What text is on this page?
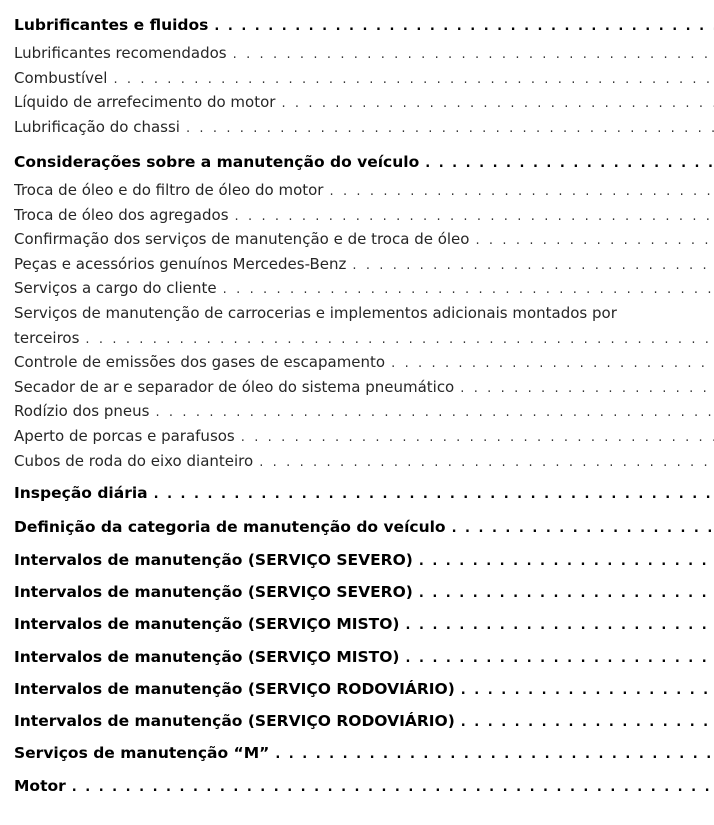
Lubrificantes e fluidos
. . .
Lubrificantes recomendados
. . .
Combustível
. . .
Líquido de arrefecimento do motor
. . .
Lubrificação do chassi
. . .
Considerações sobre a manutenção do veículo
. . .
Troca de óleo e do filtro de óleo do motor
. . .
Troca de óleo dos agregados
. . .
Confirmação dos serviços de manutenção e de troca de óleo
. . .
Peças e acessórios genuínos Mercedes-Benz
. . .
Serviços a cargo do cliente
. . .
Serviços de manutenção de carrocerias e implementos adicionais montados por
terceiros
. . .
Controle de emissões dos gases de escapamento
. . .
Secador de ar e separador de óleo do sistema pneumático
. . .
Rodízio dos pneus
. . .
Aperto de porcas e parafusos
. . .
Cubos de roda do eixo dianteiro
. . .
Inspeção diária
. . .
Definição da categoria de manutenção do veículo
. . .
Intervalos de manutenção (SERVIÇO SEVERO)
. . .
Intervalos de manutenção (SERVIÇO SEVERO)
. . .
Intervalos de manutenção (SERVIÇO MISTO)
. . .
Intervalos de manutenção (SERVIÇO MISTO)
. . .
Intervalos de manutenção (SERVIÇO RODOVIÁRIO)
. . .
Intervalos de manutenção (SERVIÇO RODOVIÁRIO)
. . .
Serviços de manutenção “M”
. . .
Motor
. . .
